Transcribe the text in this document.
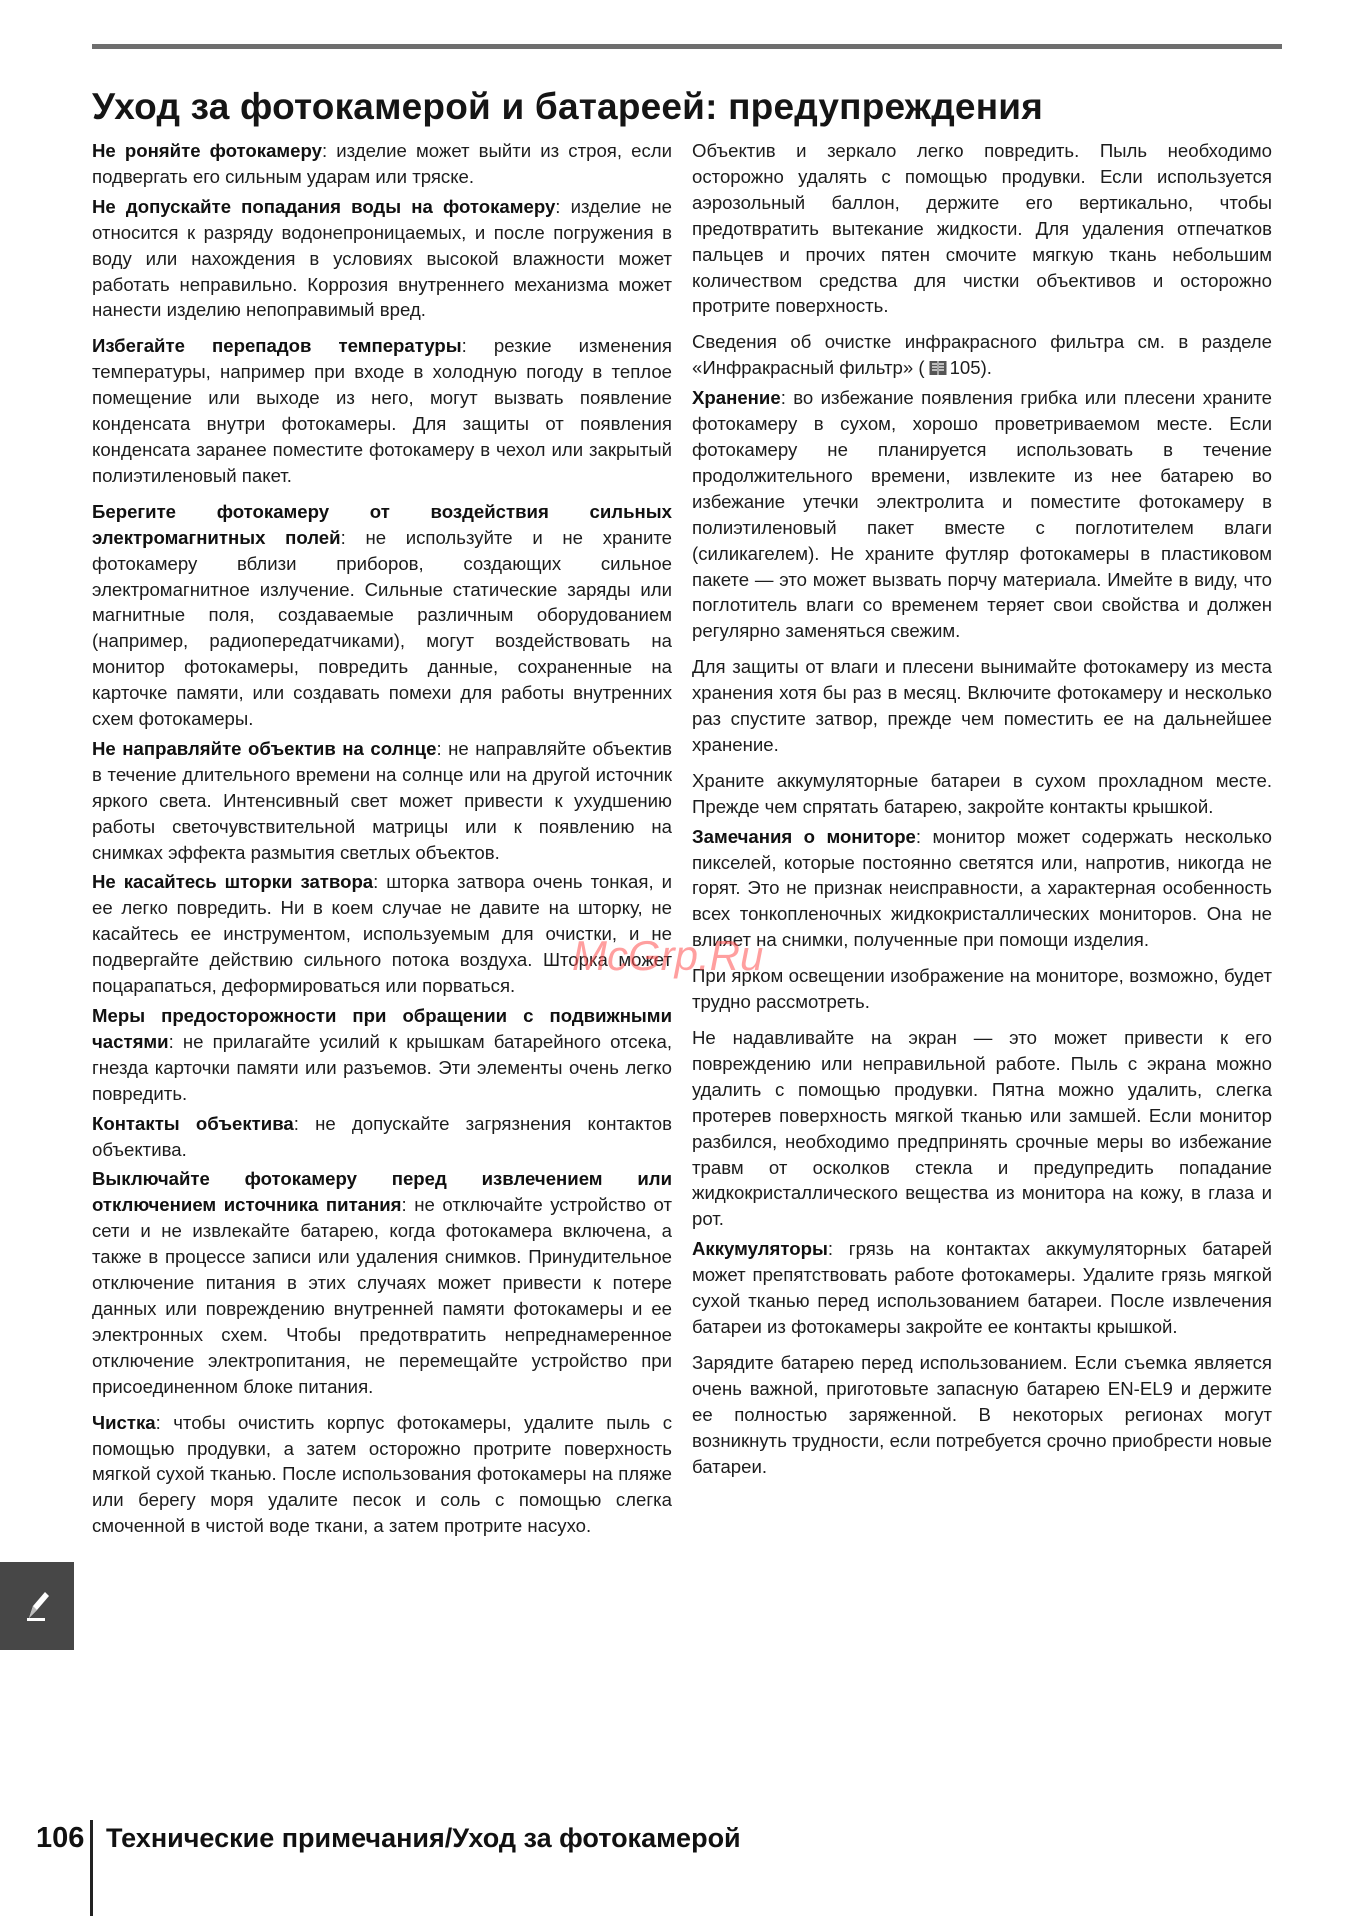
Уход за фотокамерой и батареей: предупреждения

Не роняйте фотокамеру: изделие может выйти из строя, если подвергать его сильным ударам или тряске.

Не допускайте попадания воды на фотокамеру: изделие не относится к разряду водонепроницаемых, и после погружения в воду или нахождения в условиях высокой влажности может работать неправильно. Коррозия внутреннего механизма может нанести изделию непоправимый вред.

Избегайте перепадов температуры: резкие изменения температуры, например при входе в холодную погоду в теплое помещение или выходе из него, могут вызвать появление конденсата внутри фотокамеры. Для защиты от появления конденсата заранее поместите фотокамеру в чехол или закрытый полиэтиленовый пакет.

Берегите фотокамеру от воздействия сильных электромагнитных полей: не используйте и не храните фотокамеру вблизи приборов, создающих сильное электромагнитное излучение. Сильные статические заряды или магнитные поля, создаваемые различным оборудованием (например, радиопередатчиками), могут воздействовать на монитор фотокамеры, повредить данные, сохраненные на карточке памяти, или создавать помехи для работы внутренних схем фотокамеры.

Не направляйте объектив на солнце: не направляйте объектив в течение длительного времени на солнце или на другой источник яркого света. Интенсивный свет может привести к ухудшению работы светочувствительной матрицы или к появлению на снимках эффекта размытия светлых объектов.

Не касайтесь шторки затвора: шторка затвора очень тонкая, и ее легко повредить. Ни в коем случае не давите на шторку, не касайтесь ее инструментом, используемым для очистки, и не подвергайте действию сильного потока воздуха. Шторка может поцарапаться, деформироваться или порваться.

Меры предосторожности при обращении с подвижными частями: не прилагайте усилий к крышкам батарейного отсека, гнезда карточки памяти или разъемов. Эти элементы очень легко повредить.

Контакты объектива: не допускайте загрязнения контактов объектива.

Выключайте фотокамеру перед извлечением или отключением источника питания: не отключайте устройство от сети и не извлекайте батарею, когда фотокамера включена, а также в процессе записи или удаления снимков. Принудительное отключение питания в этих случаях может привести к потере данных или повреждению внутренней памяти фотокамеры и ее электронных схем. Чтобы предотвратить непреднамеренное отключение электропитания, не перемещайте устройство при присоединенном блоке питания.

Чистка: чтобы очистить корпус фотокамеры, удалите пыль с помощью продувки, а затем осторожно протрите поверхность мягкой сухой тканью. После использования фотокамеры на пляже или берегу моря удалите песок и соль с помощью слегка смоченной в чистой воде ткани, а затем протрите насухо.

Объектив и зеркало легко повредить. Пыль необходимо осторожно удалять с помощью продувки. Если используется аэрозольный баллон, держите его вертикально, чтобы предотвратить вытекание жидкости. Для удаления отпечатков пальцев и прочих пятен смочите мягкую ткань небольшим количеством средства для чистки объективов и осторожно протрите поверхность.

Сведения об очистке инфракрасного фильтра см. в разделе «Инфракрасный фильтр» ( 105).

Хранение: во избежание появления грибка или плесени храните фотокамеру в сухом, хорошо проветриваемом месте. Если фотокамеру не планируется использовать в течение продолжительного времени, извлеките из нее батарею во избежание утечки электролита и поместите фотокамеру в полиэтиленовый пакет вместе с поглотителем влаги (силикагелем). Не храните футляр фотокамеры в пластиковом пакете — это может вызвать порчу материала. Имейте в виду, что поглотитель влаги со временем теряет свои свойства и должен регулярно заменяться свежим.

Для защиты от влаги и плесени вынимайте фотокамеру из места хранения хотя бы раз в месяц. Включите фотокамеру и несколько раз спустите затвор, прежде чем поместить ее на дальнейшее хранение.

Храните аккумуляторные батареи в сухом прохладном месте. Прежде чем спрятать батарею, закройте контакты крышкой.

Замечания о мониторе: монитор может содержать несколько пикселей, которые постоянно светятся или, напротив, никогда не горят. Это не признак неисправности, а характерная особенность всех тонкопленочных жидкокристаллических мониторов. Она не влияет на снимки, полученные при помощи изделия.

При ярком освещении изображение на мониторе, возможно, будет трудно рассмотреть.

Не надавливайте на экран — это может привести к его повреждению или неправильной работе. Пыль с экрана можно удалить с помощью продувки. Пятна можно удалить, слегка протерев поверхность мягкой тканью или замшей. Если монитор разбился, необходимо предпринять срочные меры во избежание травм от осколков стекла и предупредить попадание жидкокристаллического вещества из монитора на кожу, в глаза и рот.

Аккумуляторы: грязь на контактах аккумуляторных батарей может препятствовать работе фотокамеры. Удалите грязь мягкой сухой тканью перед использованием батареи. После извлечения батареи из фотокамеры закройте ее контакты крышкой.

Зарядите батарею перед использованием. Если съемка является очень важной, приготовьте запасную батарею EN-EL9 и держите ее полностью заряженной. В некоторых регионах могут возникнуть трудности, если потребуется срочно приобрести новые батареи.

McGrp.Ru
106 Технические примечания/Уход за фотокамерой
